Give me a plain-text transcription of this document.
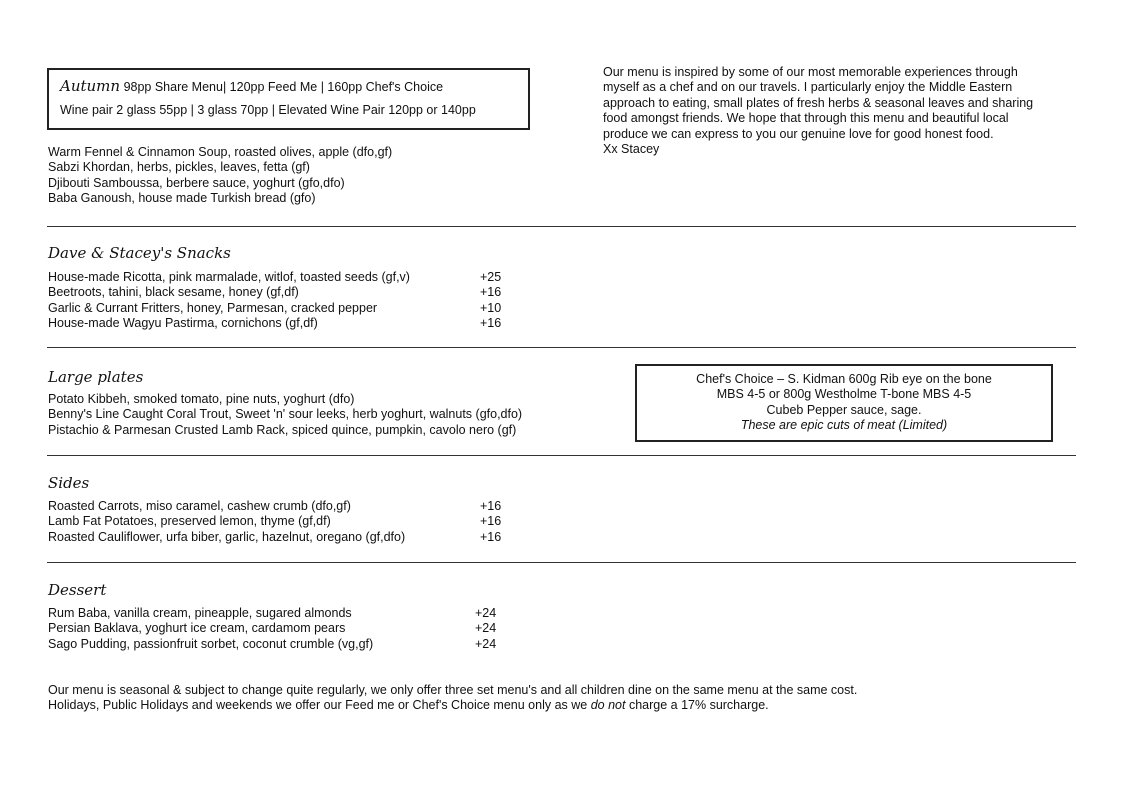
Autumn 98pp Share Menu| 120pp Feed Me | 160pp Chef's Choice
Wine pair 2 glass 55pp | 3 glass 70pp | Elevated Wine Pair 120pp or 140pp
Warm Fennel & Cinnamon Soup, roasted olives, apple (dfo,gf)
Sabzi Khordan, herbs, pickles, leaves, fetta (gf)
Djibouti Samboussa, berbere sauce, yoghurt (gfo,dfo)
Baba Ganoush, house made Turkish bread (gfo)
Our menu is inspired by some of our most memorable experiences through
myself as a chef and on our travels. I particularly enjoy the Middle Eastern
approach to eating, small plates of fresh herbs & seasonal leaves and sharing
food amongst friends. We hope that through this menu and beautiful local
produce we can express to you our genuine love for good honest food.
Xx Stacey
Dave & Stacey's Snacks
House-made Ricotta, pink marmalade, witlof, toasted seeds (gf,v)	+25
Beetroots, tahini, black sesame, honey (gf,df)	+16
Garlic & Currant Fritters, honey, Parmesan, cracked pepper	+10
House-made Wagyu Pastirma, cornichons (gf,df)	+16
Large plates
Potato Kibbeh, smoked tomato, pine nuts, yoghurt (dfo)
Benny's Line Caught Coral Trout, Sweet 'n' sour leeks, herb yoghurt, walnuts (gfo,dfo)
Pistachio & Parmesan Crusted Lamb Rack, spiced quince, pumpkin, cavolo nero (gf)
Chef's Choice – S. Kidman 600g Rib eye on the bone
MBS 4-5 or 800g Westholme T-bone MBS 4-5
Cubeb Pepper sauce, sage.
These are epic cuts of meat (Limited)
Sides
Roasted Carrots, miso caramel, cashew crumb (dfo,gf)	+16
Lamb Fat Potatoes, preserved lemon, thyme (gf,df)	+16
Roasted Cauliflower, urfa biber, garlic, hazelnut, oregano (gf,dfo)	+16
Dessert
Rum Baba, vanilla cream, pineapple, sugared almonds	+24
Persian Baklava, yoghurt ice cream, cardamom pears	+24
Sago Pudding, passionfruit sorbet, coconut crumble (vg,gf)	+24
Our menu is seasonal & subject to change quite regularly, we only offer three set menu's and all children dine on the same menu at the same cost.
Holidays, Public Holidays and weekends we offer our Feed me or Chef's Choice menu only as we do not charge a 17% surcharge.
